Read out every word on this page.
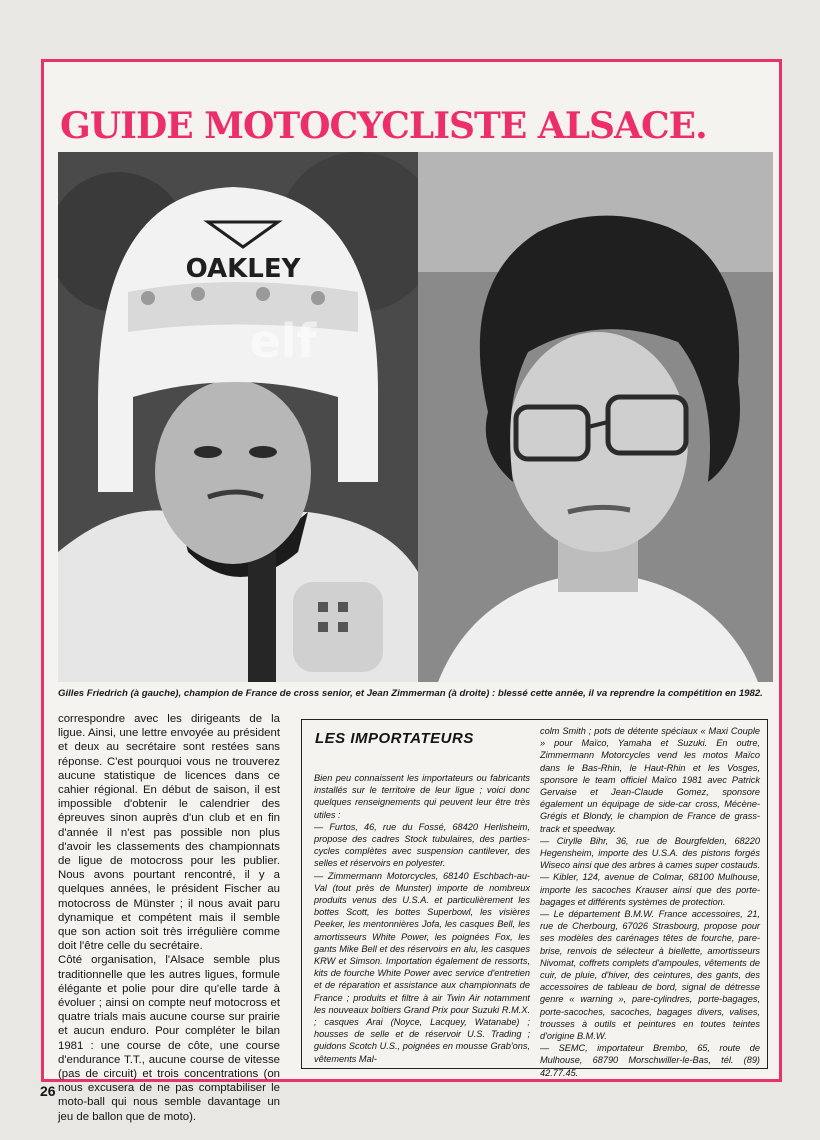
GUIDE MOTOCYCLISTE ALSACE.
OAKLEY
elf
Gilles Friedrich (à gauche), champion de France de cross senior, et Jean Zimmerman (à droite) : blessé cette année, il va reprendre la compétition en 1982.

correspondre avec les dirigeants de la ligue. Ainsi, une lettre envoyée au président et deux au secrétaire sont restées sans réponse. C'est pourquoi vous ne trouverez aucune statistique de licences dans ce cahier régional. En début de saison, il est impossible d'obtenir le calendrier des épreuves sinon auprès d'un club et en fin d'année il n'est pas possible non plus d'avoir les classements des championnats de ligue de motocross pour les publier. Nous avons pourtant rencontré, il y a quelques années, le président Fischer au motocross de Münster ; il nous avait paru dynamique et compétent mais il semble que son action soit très irrégulière comme doit l'être celle du secrétaire.

Côté organisation, l'Alsace semble plus traditionnelle que les autres ligues, formule élégante et polie pour dire qu'elle tarde à évoluer ; ainsi on compte neuf motocross et quatre trials mais aucune course sur prairie et aucun enduro. Pour compléter le bilan 1981 : une course de côte, une course d'endurance T.T., aucune course de vitesse (pas de circuit) et trois concentrations (on nous excusera de ne pas comptabiliser le moto-ball qui nous semble davantage un jeu de ballon que de moto).

LES IMPORTATEURS

Bien peu connaissent les importateurs ou fabricants installés sur le territoire de leur ligue ; voici donc quelques renseignements qui peuvent leur être très utiles :

— Furtos, 46, rue du Fossé, 68420 Herlisheim, propose des cadres Stock tubulaires, des parties-cycles complètes avec suspension cantilever, des selles et réservoirs en polyester.

— Zimmermann Motorcycles, 68140 Eschbach-au-Val (tout près de Munster) importe de nombreux produits venus des U.S.A. et particulièrement les bottes Scott, les bottes Superbowl, les visières Peeker, les mentonnières Jofa, les casques Bell, les amortisseurs White Power, les poignées Fox, les gants Mike Bell et des réservoirs en alu, les casques KRW et Simson. Importation également de ressorts, kits de fourche White Power avec service d'entretien et de réparation et assistance aux championnats de France ; produits et filtre à air Twin Air notamment les nouveaux boîtiers Grand Prix pour Suzuki R.M.X. ; casques Arai (Noyce, Lacquey, Watanabe) ; housses de selle et de réservoir U.S. Trading ; guidons Scotch U.S., poignées en mousse Grab'ons, vêtements Mal-

colm Smith ; pots de détente spéciaux « Maxi Couple » pour Maïco, Yamaha et Suzuki. En outre, Zimmermann Motorcycles vend les motos Maïco dans le Bas-Rhin, le Haut-Rhin et les Vosges, sponsore le team officiel Maïco 1981 avec Patrick Gervaise et Jean-Claude Gomez, sponsore également un équipage de side-car cross, Mécène-Grégis et Blondy, le champion de France de grass-track et speedway.

— Cirylle Bihr, 36, rue de Bourgfelden, 68220 Hegensheim, importe des U.S.A. des pistons forgés Wiseco ainsi que des arbres à cames super costauds.

— Kibler, 124, avenue de Colmar, 68100 Mulhouse, importe les sacoches Krauser ainsi que des porte-bagages et différents systèmes de protection.

— Le département B.M.W. France accessoires, 21, rue de Cherbourg, 67026 Strasbourg, propose pour ses modèles des carénages têtes de fourche, pare-brise, renvois de sélecteur à biellette, amortisseurs Nivomat, coffrets complets d'ampoules, vêtements de cuir, de pluie, d'hiver, des ceintures, des gants, des accessoires de tableau de bord, signal de détresse genre « warning », pare-cylindres, porte-bagages, porte-sacoches, sacoches, bagages divers, valises, trousses à outils et peintures en toutes teintes d'origine B.M.W.

— SEMC, importateur Brembo, 65, route de Mulhouse, 68790 Morschwiller-le-Bas, tél. (89) 42.77.45.

26
